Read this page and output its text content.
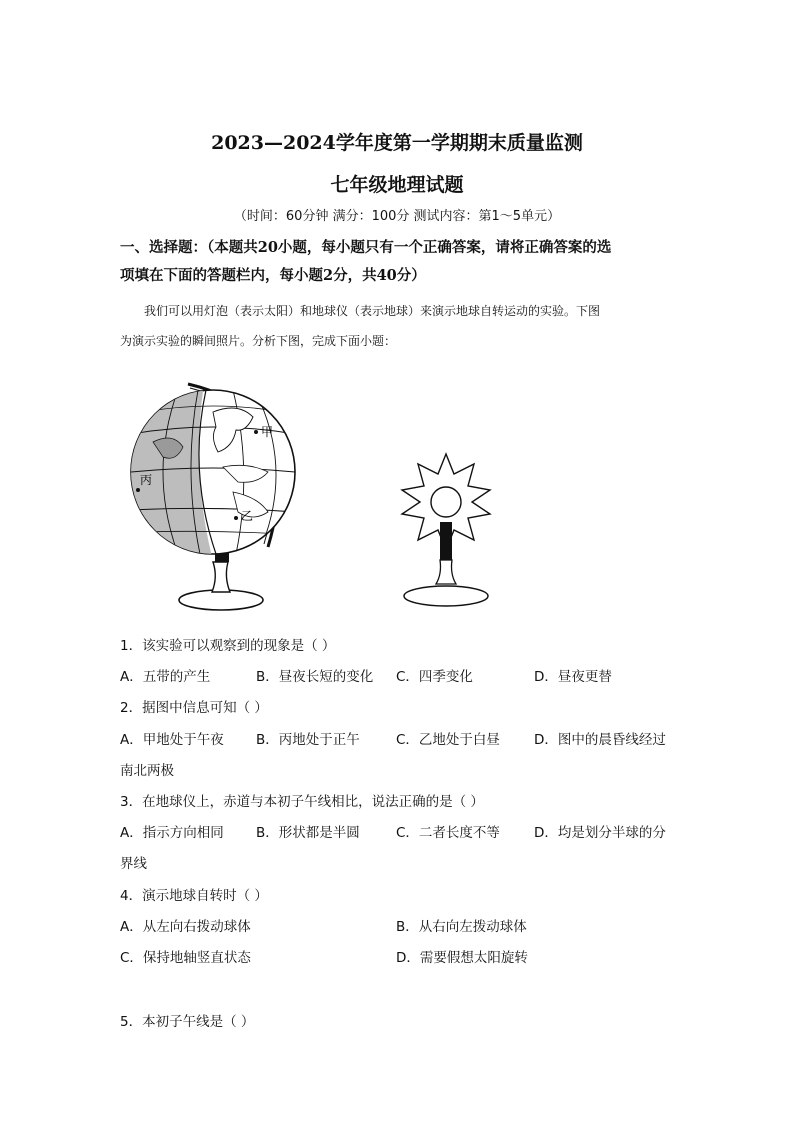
2023—2024学年度第一学期期末质量监测
七年级地理试题
（时间：60分钟 满分：100分 测试内容：第1～5单元）
一、选择题：（本题共20小题，每小题只有一个正确答案，请将正确答案的选
项填在下面的答题栏内，每小题2分，共40分）
我们可以用灯泡（表示太阳）和地球仪（表示地球）来演示地球自转运动的实验。下图
为演示实验的瞬间照片。分析下图，完成下面小题：
甲
丙
乙
1．该实验可以观察到的现象是（ ）
A．五带的产生	B．昼夜长短的变化 C．四季变化	D．昼夜更替
2．据图中信息可知（ ）
A．甲地处于午夜 B．丙地处于正午	C．乙地处于白昼	D．图中的晨昏线经过
南北两极
3．在地球仪上，赤道与本初子午线相比，说法正确的是（ ）
A．指示方向相同 B．形状都是半圆	C．二者长度不等	D．均是划分半球的分
界线
4．演示地球自转时（ ）
A．从左向右拨动球体	B．从右向左拨动球体
C．保持地轴竖直状态	D．需要假想太阳旋转
5．本初子午线是（ ）
